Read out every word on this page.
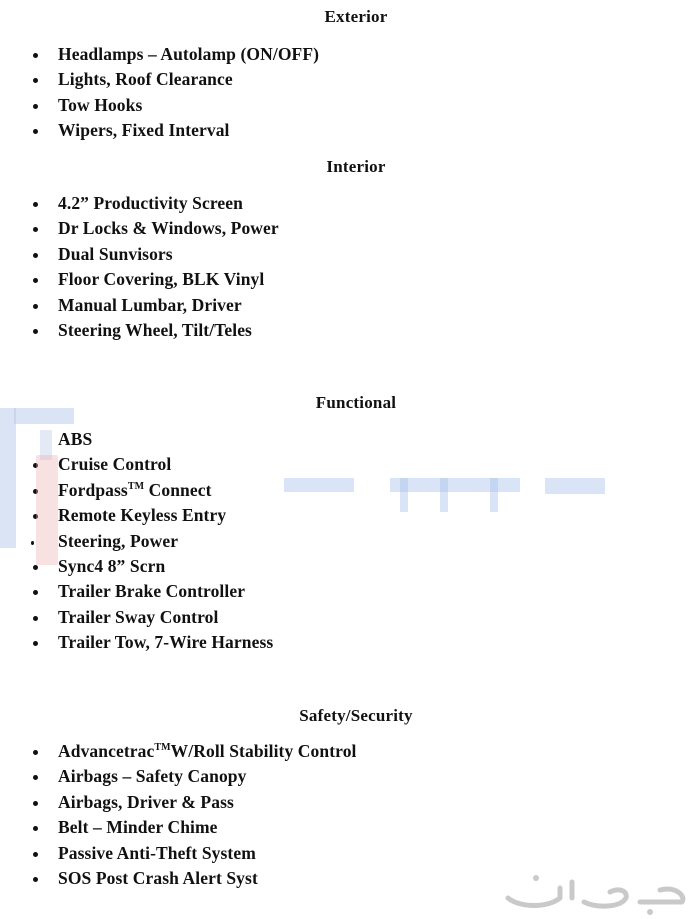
Exterior
Headlamps – Autolamp (ON/OFF)
Lights, Roof Clearance
Tow Hooks
Wipers, Fixed Interval
Interior
4.2” Productivity Screen
Dr Locks & Windows, Power
Dual Sunvisors
Floor Covering, BLK Vinyl
Manual Lumbar, Driver
Steering Wheel, Tilt/Teles
Functional
ABS
Cruise Control
Fordpass™ Connect
Remote Keyless Entry
Steering, Power
Sync4 8” Scrn
Trailer Brake Controller
Trailer Sway Control
Trailer Tow, 7-Wire Harness
Safety/Security
Advancetrac™W/Roll Stability Control
Airbags – Safety Canopy
Airbags, Driver & Pass
Belt – Minder Chime
Passive Anti-Theft System
SOS Post Crash Alert Syst
